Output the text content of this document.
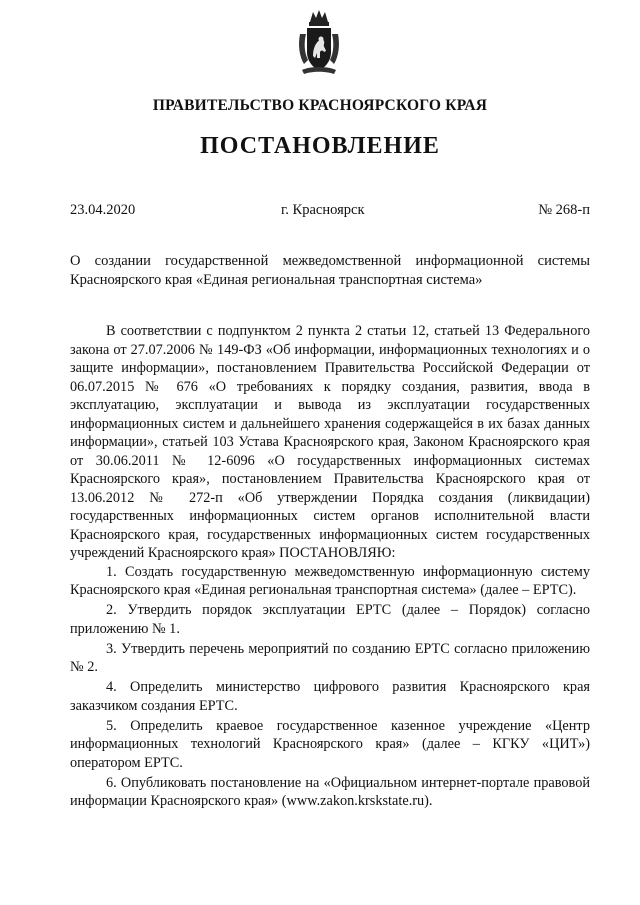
ПРАВИТЕЛЬСТВО КРАСНОЯРСКОГО КРАЯ
ПОСТАНОВЛЕНИЕ
23.04.2020	г. Красноярск	№ 268-п
О создании государственной межведомственной информационной системы Красноярского края «Единая региональная транспортная система»

В соответствии с подпунктом 2 пункта 2 статьи 12, статьей 13 Федерального закона от 27.07.2006 № 149-ФЗ «Об информации, информационных технологиях и о защите информации», постановлением Правительства Российской Федерации от 06.07.2015 № 676 «О требованиях к порядку создания, развития, ввода в эксплуатацию, эксплуатации и вывода из эксплуатации государственных информационных систем и дальнейшего хранения содержащейся в их базах данных информации», статьей 103 Устава Красноярского края, Законом Красноярского края от 30.06.2011 № 12-6096 «О государственных информационных системах Красноярского края», постановлением Правительства Красноярского края от 13.06.2012 № 272-п «Об утверждении Порядка создания (ликвидации) государственных информационных систем органов исполнительной власти Красноярского края, государственных информационных систем государственных учреждений Красноярского края» ПОСТАНОВЛЯЮ:

1. Создать государственную межведомственную информационную систему Красноярского края «Единая региональная транспортная система» (далее – ЕРТС).

2. Утвердить порядок эксплуатации ЕРТС (далее – Порядок) согласно приложению № 1.

3. Утвердить перечень мероприятий по созданию ЕРТС согласно приложению № 2.

4. Определить министерство цифрового развития Красноярского края заказчиком создания ЕРТС.

5. Определить краевое государственное казенное учреждение «Центр информационных технологий Красноярского края» (далее – КГКУ «ЦИТ») оператором ЕРТС.

6. Опубликовать постановление на «Официальном интернет-портале правовой информации Красноярского края» (www.zakon.krskstate.ru).
